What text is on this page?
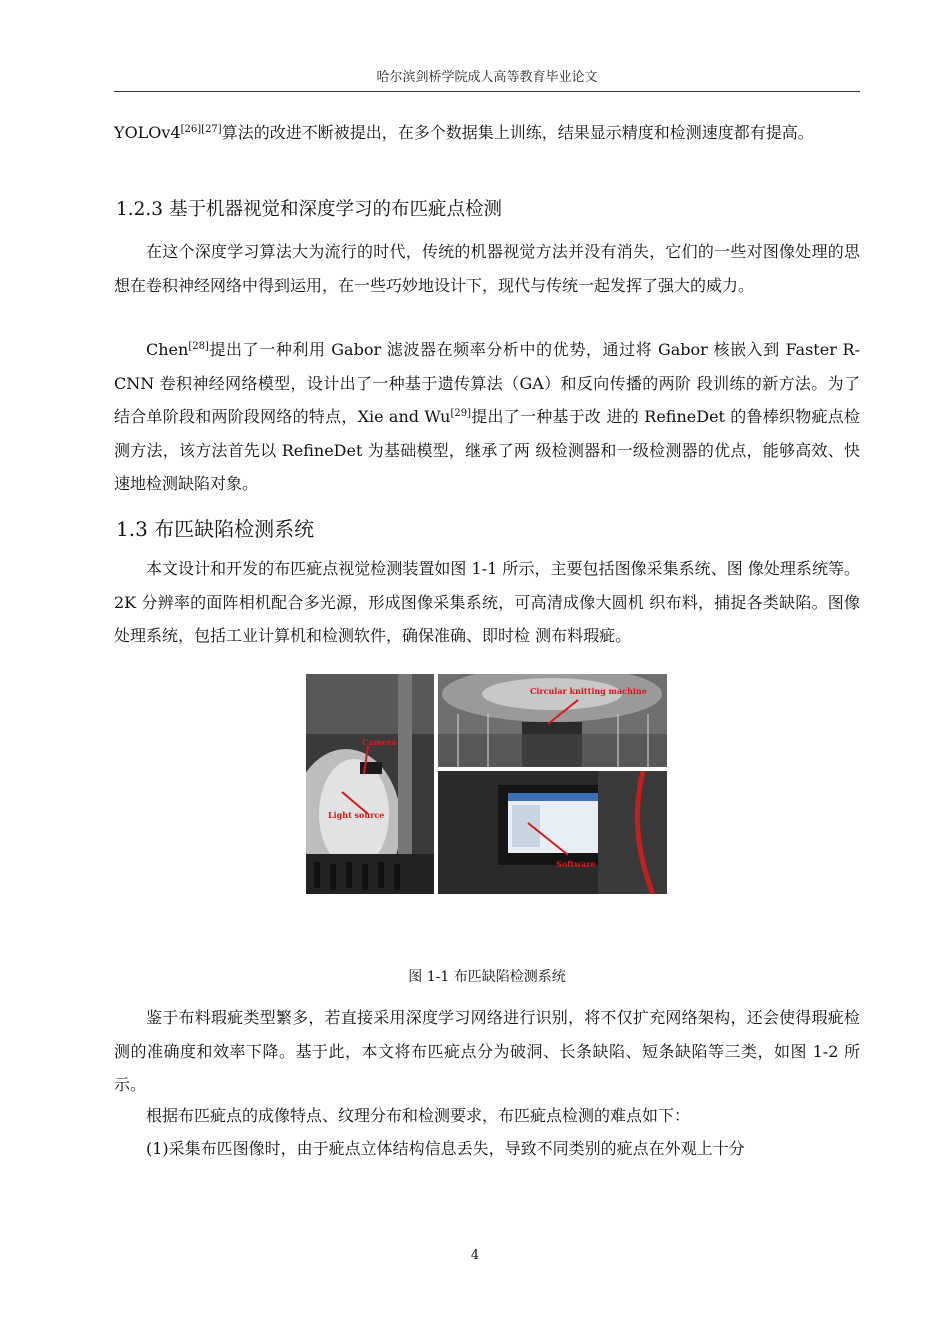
哈尔滨剑桥学院成人高等教育毕业论文

YOLOv4[26][27]算法的改进不断被提出，在多个数据集上训练，结果显示精度和检测速度都有提高。

1.2.3 基于机器视觉和深度学习的布匹疵点检测

在这个深度学习算法大为流行的时代，传统的机器视觉方法并没有消失，它们的一些对图像处理的思想在卷积神经网络中得到运用，在一些巧妙地设计下，现代与传统一起发挥了强大的威力。

Chen[28]提出了一种利用 Gabor 滤波器在频率分析中的优势，通过将 Gabor 核嵌入到 Faster R-CNN 卷积神经网络模型，设计出了一种基于遗传算法（GA）和反向传播的两阶 段训练的新方法。为了结合单阶段和两阶段网络的特点，Xie and Wu[29]提出了一种基于改 进的 RefineDet 的鲁棒织物疵点检测方法，该方法首先以 RefineDet 为基础模型，继承了两 级检测器和一级检测器的优点，能够高效、快速地检测缺陷对象。

1.3 布匹缺陷检测系统

本文设计和开发的布匹疵点视觉检测装置如图 1-1 所示，主要包括图像采集系统、图 像处理系统等。2K 分辨率的面阵相机配合多光源，形成图像采集系统，可高清成像大圆机 织布料，捕捉各类缺陷。图像处理系统，包括工业计算机和检测软件，确保准确、即时检 测布料瑕疵。

Camera
Light source
Circular knitting machine
Software
图 1-1 布匹缺陷检测系统

鉴于布料瑕疵类型繁多，若直接采用深度学习网络进行识别，将不仅扩充网络架构，还会使得瑕疵检测的准确度和效率下降。基于此，本文将布匹疵点分为破洞、长条缺陷、短条缺陷等三类，如图 1-2 所示。

根据布匹疵点的成像特点、纹理分布和检测要求，布匹疵点检测的难点如下：

(1)采集布匹图像时，由于疵点立体结构信息丢失，导致不同类别的疵点在外观上十分

4
